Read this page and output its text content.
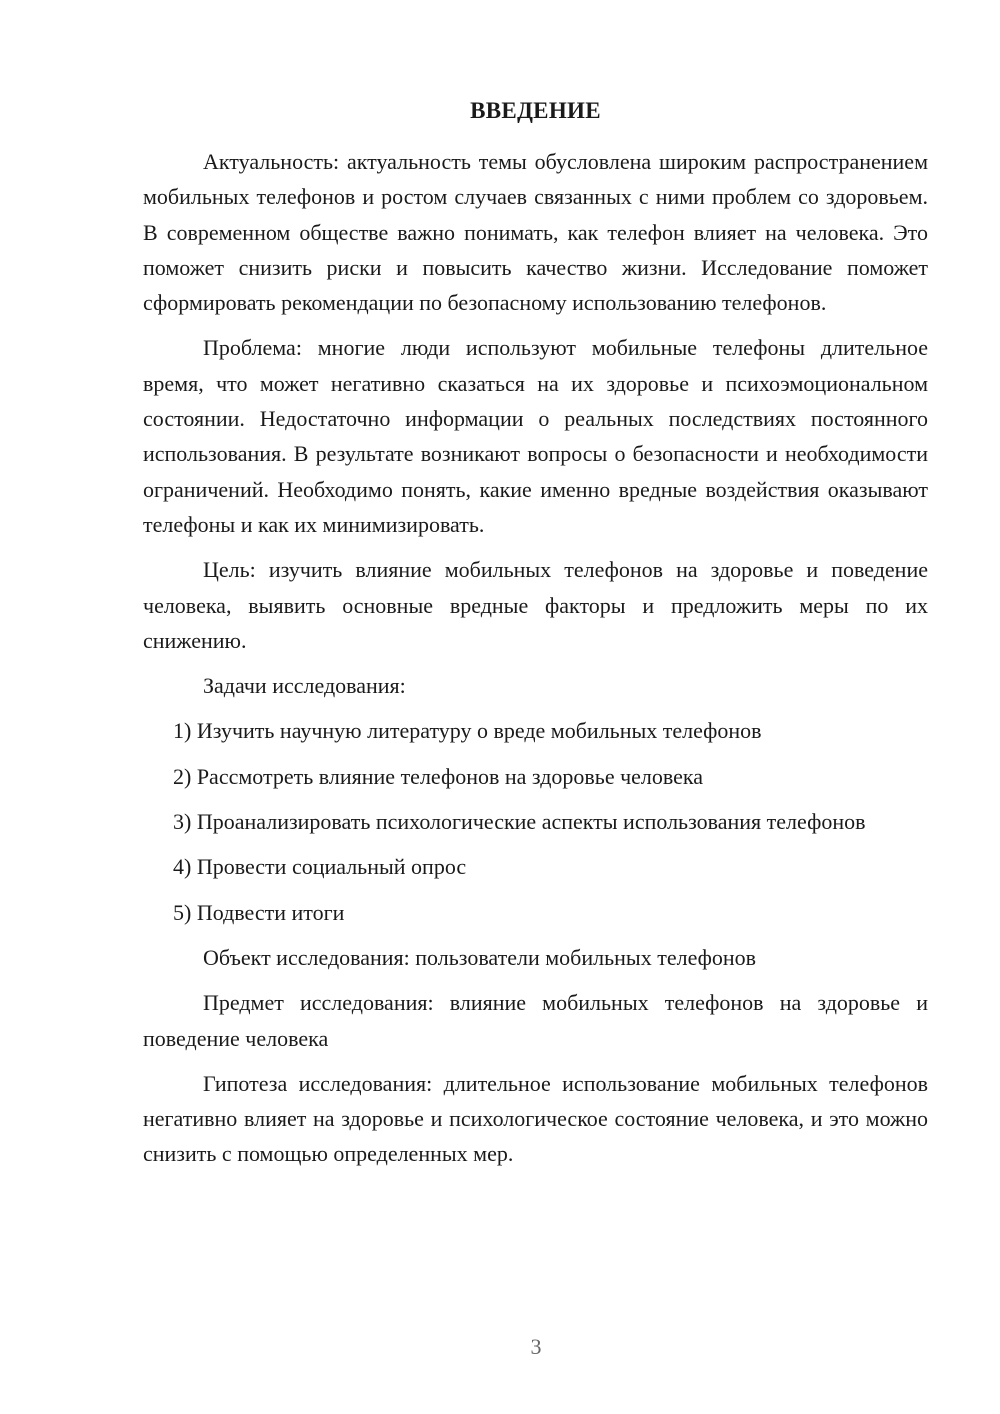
ВВЕДЕНИЕ

Актуальность: актуальность темы обусловлена широким распространением мобильных телефонов и ростом случаев связанных с ними проблем со здоровьем. В современном обществе важно понимать, как телефон влияет на человека. Это поможет снизить риски и повысить качество жизни. Исследование поможет сформировать рекомендации по безопасному использованию телефонов.

Проблема: многие люди используют мобильные телефоны длительное время, что может негативно сказаться на их здоровье и психоэмоциональном состоянии. Недостаточно информации о реальных последствиях постоянного использования. В результате возникают вопросы о безопасности и необходимости ограничений. Необходимо понять, какие именно вредные воздействия оказывают телефоны и как их минимизировать.

Цель: изучить влияние мобильных телефонов на здоровье и поведение человека, выявить основные вредные факторы и предложить меры по их снижению.

Задачи исследования:

1) Изучить научную литературу о вреде мобильных телефонов

2) Рассмотреть влияние телефонов на здоровье человека

3) Проанализировать психологические аспекты использования телефонов

4) Провести социальный опрос

5) Подвести итоги

Объект исследования: пользователи мобильных телефонов

Предмет исследования: влияние мобильных телефонов на здоровье и поведение человека

Гипотеза исследования: длительное использование мобильных телефонов негативно влияет на здоровье и психологическое состояние человека, и это можно снизить с помощью определенных мер.

3
